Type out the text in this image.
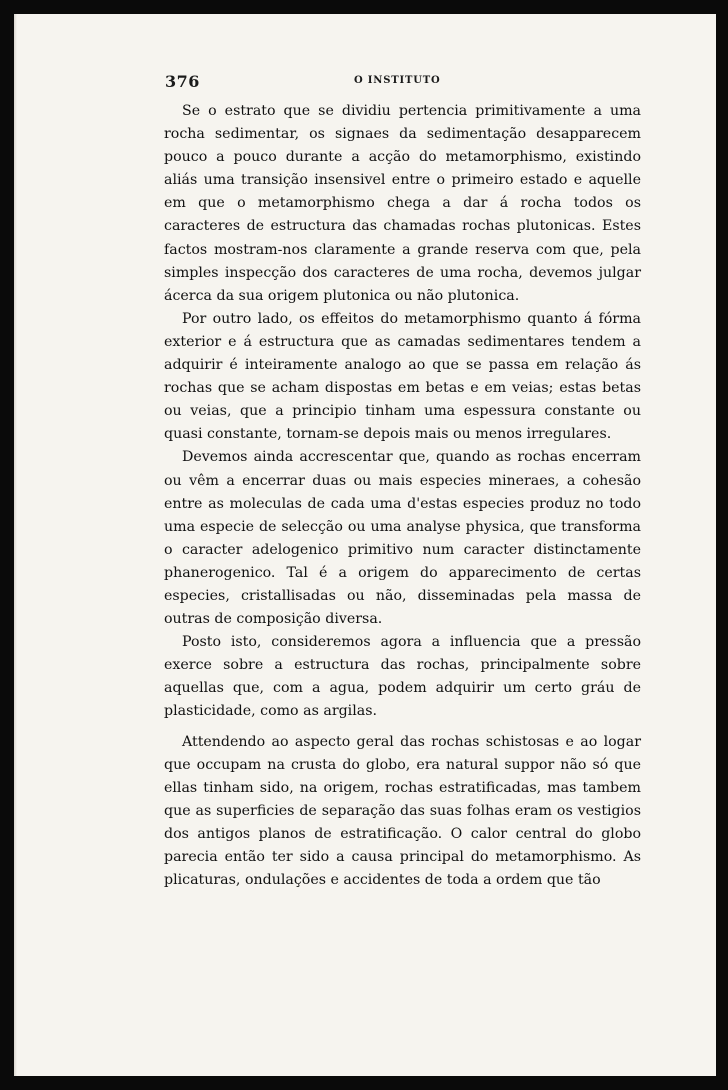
376	O INSTITUTO

Se o estrato que se dividiu pertencia primitivamente a uma rocha sedimentar, os signaes da sedimentação desapparecem pouco a pouco durante a acção do metamorphismo, existindo aliás uma transição insensivel entre o primeiro estado e aquelle em que o metamorphismo chega a dar á rocha todos os caracteres de estructura das chamadas rochas plutonicas. Estes factos mostram-nos claramente a grande reserva com que, pela simples inspecção dos caracteres de uma rocha, devemos julgar ácerca da sua origem plutonica ou não plutonica.

Por outro lado, os effeitos do metamorphismo quanto á fórma exterior e á estructura que as camadas sedimentares tendem a adquirir é inteiramente analogo ao que se passa em relação ás rochas que se acham dispostas em betas e em veias; estas betas ou veias, que a principio tinham uma espessura constante ou quasi constante, tornam-se depois mais ou menos irregulares.

Devemos ainda accrescentar que, quando as rochas encerram ou vêm a encerrar duas ou mais especies mineraes, a cohesão entre as moleculas de cada uma d'estas especies produz no todo uma especie de selecção ou uma analyse physica, que transforma o caracter adelogenico primitivo num caracter distinctamente phanerogenico. Tal é a origem do apparecimento de certas especies, cristallisadas ou não, disseminadas pela massa de outras de composição diversa.

Posto isto, consideremos agora a influencia que a pressão exerce sobre a estructura das rochas, principalmente sobre aquellas que, com a agua, podem adquirir um certo gráu de plasticidade, como as argilas.

Attendendo ao aspecto geral das rochas schistosas e ao logar que occupam na crusta do globo, era natural suppor não só que ellas tinham sido, na origem, rochas estratificadas, mas tambem que as superficies de separação das suas folhas eram os vestigios dos antigos planos de estratificação. O calor central do globo parecia então ter sido a causa principal do metamorphismo. As plicaturas, ondulações e accidentes de toda a ordem que tão
